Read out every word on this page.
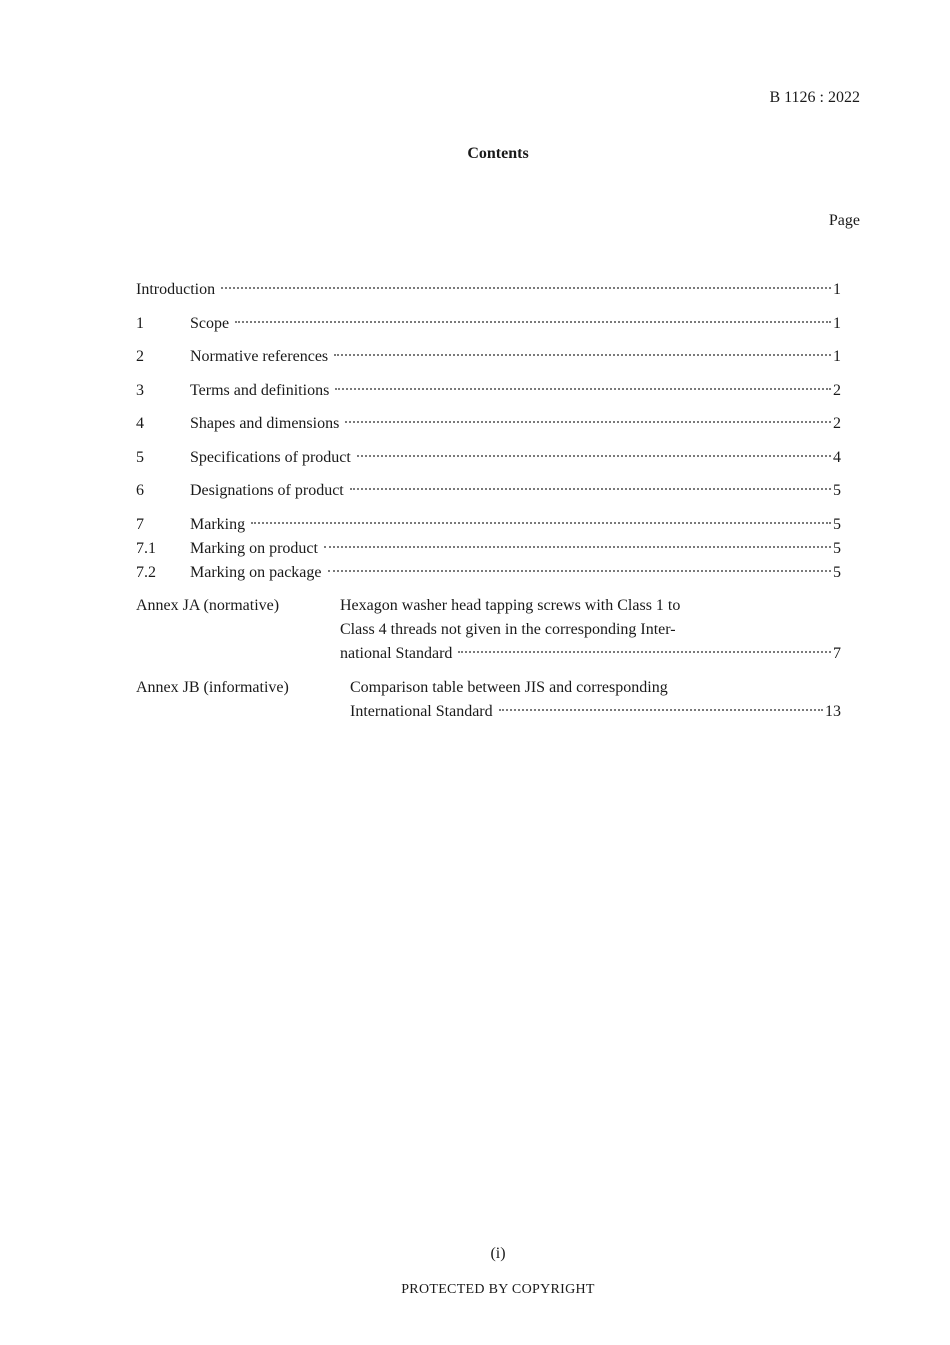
B 1126 : 2022
Contents
Page
Introduction	1
1	Scope	1
2	Normative references	1
3	Terms and definitions	2
4	Shapes and dimensions	2
5	Specifications of product	4
6	Designations of product	5
7	Marking	5
7.1	Marking on product	5
7.2	Marking on package	5
Annex JA (normative)	Hexagon washer head tapping screws with Class 1 to
Class 4 threads not given in the corresponding Inter-
national Standard	7
Annex JB (informative)	Comparison table between JIS and corresponding
International Standard	13
(i)
PROTECTED BY COPYRIGHT
